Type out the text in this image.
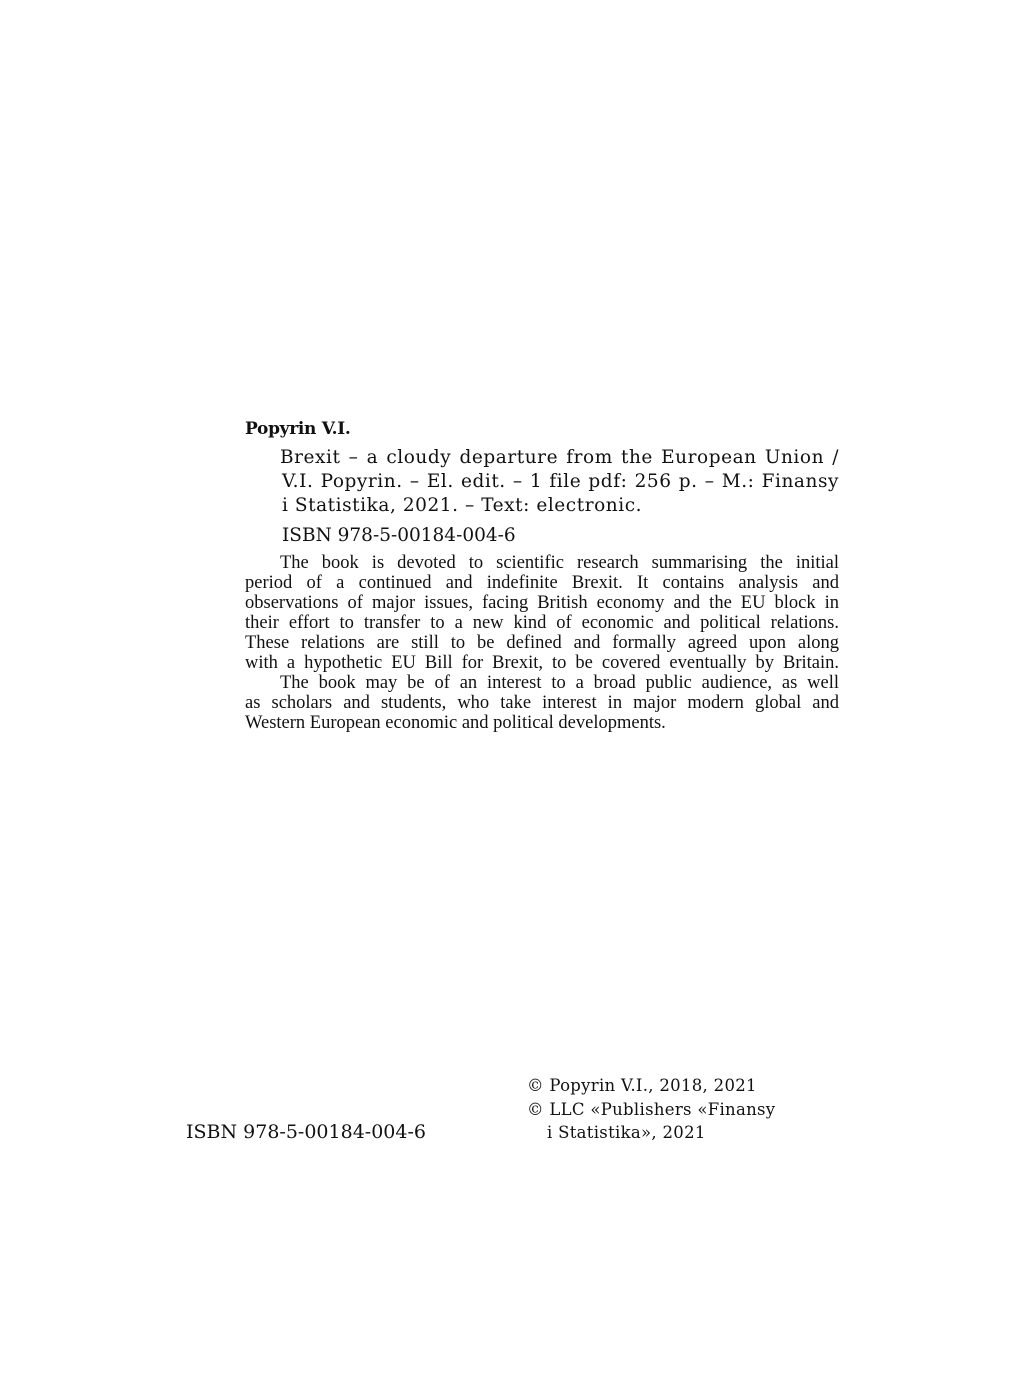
Popyrin V.I.
Brexit – a cloudy departure from the European Union /
V.I. Popyrin. – El. edit. – 1 file pdf: 256 p. – M.: Finansy
i Statistika, 2021. – Text: electronic.
ISBN 978-5-00184-004-6
The book is devoted to scientific research summarising the initial
period of a continued and indefinite Brexit. It contains analysis and
observations of major issues, facing British economy and the EU block in
their effort to transfer to a new kind of economic and political relations.
These relations are still to be defined and formally agreed upon along
with a hypothetic EU Bill for Brexit, to be covered eventually by Britain.
The book may be of an interest to a broad public audience, as well
as scholars and students, who take interest in major modern global and
Western European economic and political developments.
ISBN 978-5-00184-004-6
© Popyrin V.I., 2018, 2021
© LLC «Publishers «Finansy
i Statistika», 2021
